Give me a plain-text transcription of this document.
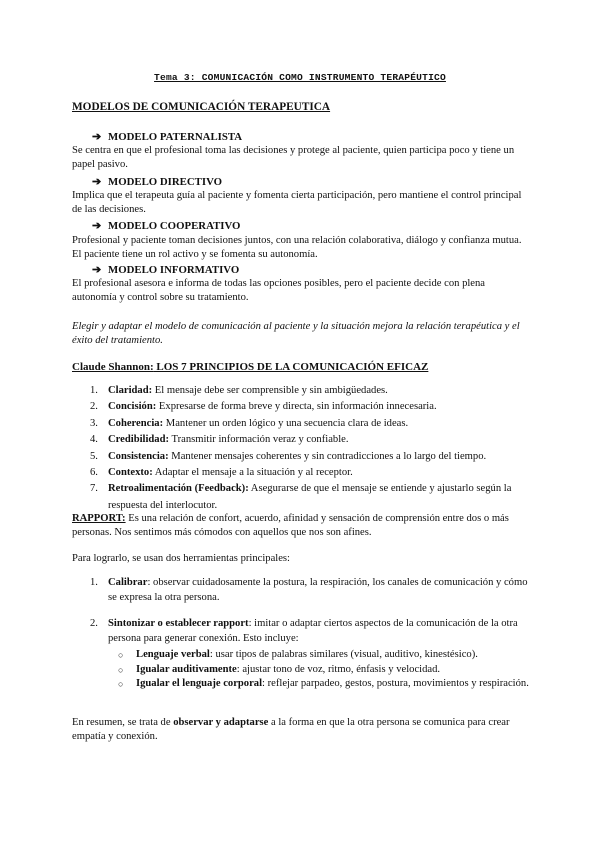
Tema 3: COMUNICACIÓN COMO INSTRUMENTO TERAPÉUTICO
MODELOS DE COMUNICACIÓN TERAPEUTICA
➔ MODELO PATERNALISTA
Se centra en que el profesional toma las decisiones y protege al paciente, quien participa poco y tiene un papel pasivo.
➔ MODELO DIRECTIVO
Implica que el terapeuta guía al paciente y fomenta cierta participación, pero mantiene el control principal de las decisiones.
➔ MODELO COOPERATIVO
Profesional y paciente toman decisiones juntos, con una relación colaborativa, diálogo y confianza mutua. El paciente tiene un rol activo y se fomenta su autonomía.
➔ MODELO INFORMATIVO
El profesional asesora e informa de todas las opciones posibles, pero el paciente decide con plena autonomía y control sobre su tratamiento.
Elegir y adaptar el modelo de comunicación al paciente y la situación mejora la relación terapéutica y el éxito del tratamiento.
Claude Shannon: LOS 7 PRINCIPIOS DE LA COMUNICACIÓN EFICAZ
1. Claridad: El mensaje debe ser comprensible y sin ambigüedades.
2. Concisión: Expresarse de forma breve y directa, sin información innecesaria.
3. Coherencia: Mantener un orden lógico y una secuencia clara de ideas.
4. Credibilidad: Transmitir información veraz y confiable.
5. Consistencia: Mantener mensajes coherentes y sin contradicciones a lo largo del tiempo.
6. Contexto: Adaptar el mensaje a la situación y al receptor.
7. Retroalimentación (Feedback): Asegurarse de que el mensaje se entiende y ajustarlo según la respuesta del interlocutor.
RAPPORT: Es una relación de confort, acuerdo, afinidad y sensación de comprensión entre dos o más personas. Nos sentimos más cómodos con aquellos que nos son afines.
Para lograrlo, se usan dos herramientas principales:
1. Calibrar: observar cuidadosamente la postura, la respiración, los canales de comunicación y cómo se expresa la otra persona.
2. Sintonizar o establecer rapport: imitar o adaptar ciertos aspectos de la comunicación de la otra persona para generar conexión. Esto incluye:
○ Lenguaje verbal: usar tipos de palabras similares (visual, auditivo, kinestésico).
○ Igualar auditivamente: ajustar tono de voz, ritmo, énfasis y velocidad.
○ Igualar el lenguaje corporal: reflejar parpadeo, gestos, postura, movimientos y respiración.
En resumen, se trata de observar y adaptarse a la forma en que la otra persona se comunica para crear empatía y conexión.
